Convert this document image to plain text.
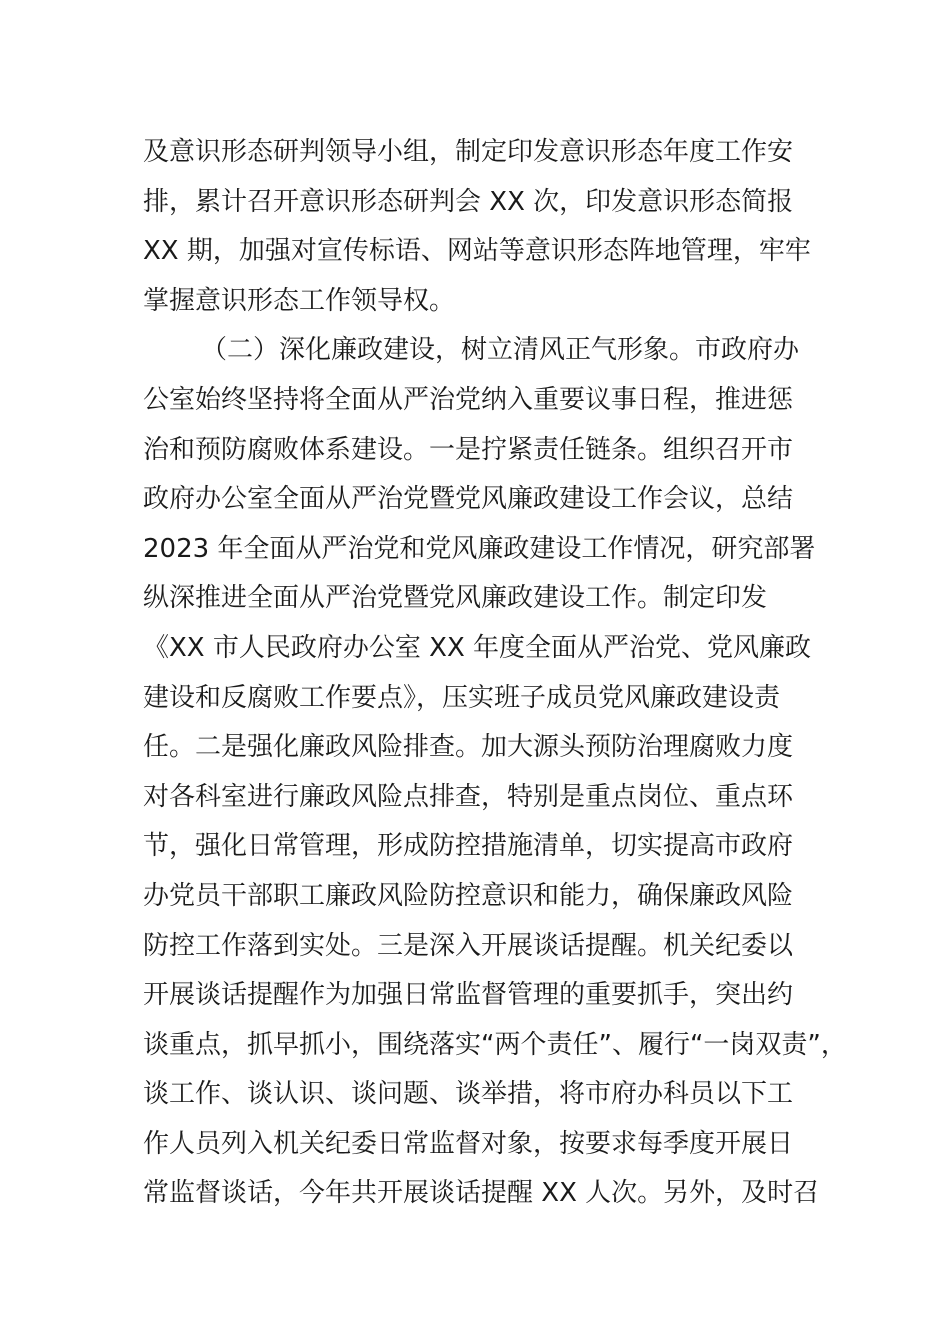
及意识形态研判领导小组，制定印发意识形态年度工作安
排，累计召开意识形态研判会 XX 次，印发意识形态简报
XX 期，加强对宣传标语、网站等意识形态阵地管理，牢牢
掌握意识形态工作领导权。
（二）深化廉政建设，树立清风正气形象。市政府办
公室始终坚持将全面从严治党纳入重要议事日程，推进惩
治和预防腐败体系建设。一是拧紧责任链条。组织召开市
政府办公室全面从严治党暨党风廉政建设工作会议，总结
2023 年全面从严治党和党风廉政建设工作情况，研究部署
纵深推进全面从严治党暨党风廉政建设工作。制定印发
《XX 市人民政府办公室 XX 年度全面从严治党、党风廉政
建设和反腐败工作要点》，压实班子成员党风廉政建设责
任。二是强化廉政风险排查。加大源头预防治理腐败力度
对各科室进行廉政风险点排查，特别是重点岗位、重点环
节，强化日常管理，形成防控措施清单，切实提高市政府
办党员干部职工廉政风险防控意识和能力，确保廉政风险
防控工作落到实处。三是深入开展谈话提醒。机关纪委以
开展谈话提醒作为加强日常监督管理的重要抓手，突出约
谈重点，抓早抓小，围绕落实“两个责任”、履行“一岗双责”，
谈工作、谈认识、谈问题、谈举措，将市府办科员以下工
作人员列入机关纪委日常监督对象，按要求每季度开展日
常监督谈话，今年共开展谈话提醒 XX 人次。另外，及时召
